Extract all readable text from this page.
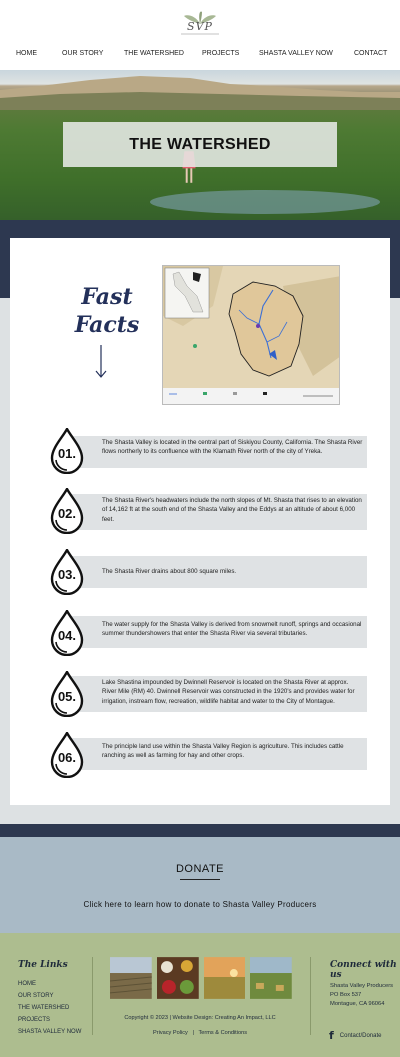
SVP
HOME	OUR STORY	THE WATERSHED	PROJECTS	SHASTA VALLEY NOW	CONTACT
THE WATERSHED
Fast
Facts
01.
The Shasta Valley is located in the central part of Siskiyou County, California. The Shasta River flows northerly to its confluence with the Klamath River north of the city of Yreka.
02.
The Shasta River's headwaters include the north slopes of Mt. Shasta that rises to an elevation of 14,162 ft at the south end of the Shasta Valley and the Eddys at an altitude of about 6,000 feet.
03.	The Shasta River drains about 800 square miles.
04.
The water supply for the Shasta Valley is derived from snowmelt runoff, springs and occasional summer thundershowers that enter the Shasta River via several tributaries.
05.
Lake Shastina impounded by Dwinnell Reservoir is located on the Shasta River at approx. River Mile (RM) 40. Dwinnell Reservoir was constructed in the 1920's and provides water for irrigation, instream flow, recreation, wildlife habitat and water to the City of Montague.
06.
The principle land use within the Shasta Valley Region is agriculture. This includes cattle ranching as well as farming for hay and other crops.
DONATE
Click here to learn how to donate to Shasta Valley Producers
The Links
HOME
OUR STORY
THE WATERSHED
PROJECTS
SHASTA VALLEY NOW
Copyright © 2023 | Website Design: Creating An Impact, LLC
Privacy Policy | Terms & Conditions
Connect with us
Shasta Valley Producers
PO Box 537
Montague, CA 96064
f Contact/Donate
